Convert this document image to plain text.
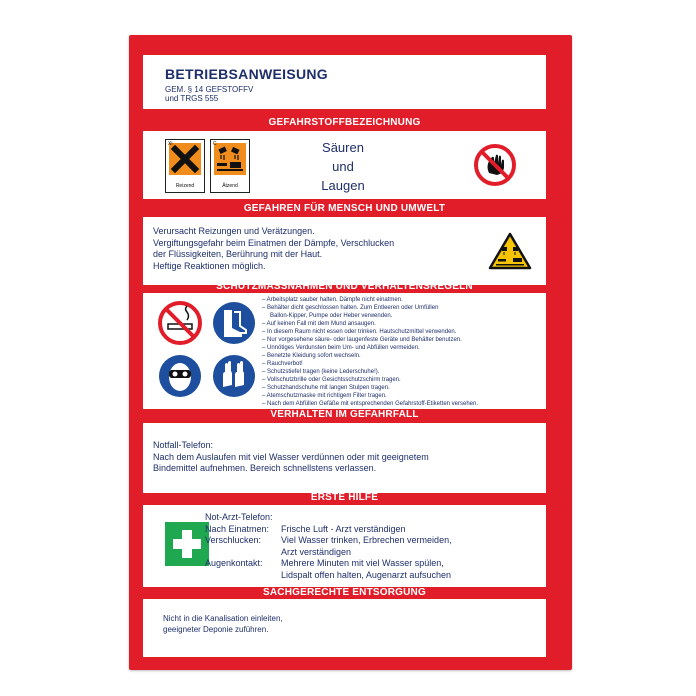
BETRIEBSANWEISUNG
GEM. § 14 GEFSTOFFV
und TRGS 555
GEFAHRSTOFFBEZEICHNUNG
Xi
Reizend
C
Ätzend
Säuren
und
Laugen
GEFAHREN FÜR MENSCH UND UMWELT
Verursacht Reizungen und Verätzungen.
Vergiftungsgefahr beim Einatmen der Dämpfe, Verschlucken
der Flüssigkeiten, Berührung mit der Haut.
Heftige Reaktionen möglich.
SCHUTZMASSNAHMEN UND VERHALTENSREGELN
– Arbeitsplatz sauber halten. Dämpfe nicht einatmen.
– Behälter dicht geschlossen halten. Zum Entleeren oder Umfüllen
Ballon-Kipper, Pumpe oder Heber verwenden.
– Auf keinen Fall mit dem Mund ansaugen.
– In diesem Raum nicht essen oder trinken. Hautschutzmittel verwenden.
– Nur vorgesehene säure- oder laugenfeste Geräte und Behälter benutzen.
– Unnötiges Verdunsten beim Um- und Abfüllen vermeiden.
– Benetzte Kleidung sofort wechseln.
– Rauchverbot!
– Schutzstiefel tragen (keine Lederschuhe!).
– Vollschutzbrille oder Gesichtsschutzschirm tragen.
– Schutzhandschuhe mit langen Stulpen tragen.
– Atemschutzmaske mit richtigem Filter tragen.
– Nach dem Abfüllen Gefäße mit entsprechenden Gefahrstoff-Etiketten versehen.
VERHALTEN IM GEFAHRFALL
Notfall-Telefon:
Nach dem Auslaufen mit viel Wasser verdünnen oder mit geeignetem
Bindemittel aufnehmen. Bereich schnellstens verlassen.
ERSTE HILFE
Not-Arzt-Telefon:
Nach Einatmen:	Frische Luft - Arzt verständigen
Verschlucken:	Viel Wasser trinken, Erbrechen vermeiden,
Arzt verständigen
Augenkontakt:	Mehrere Minuten mit viel Wasser spülen,
Lidspalt offen halten, Augenarzt aufsuchen
SACHGERECHTE ENTSORGUNG
Nicht in die Kanalisation einleiten,
geeigneter Deponie zuführen.
